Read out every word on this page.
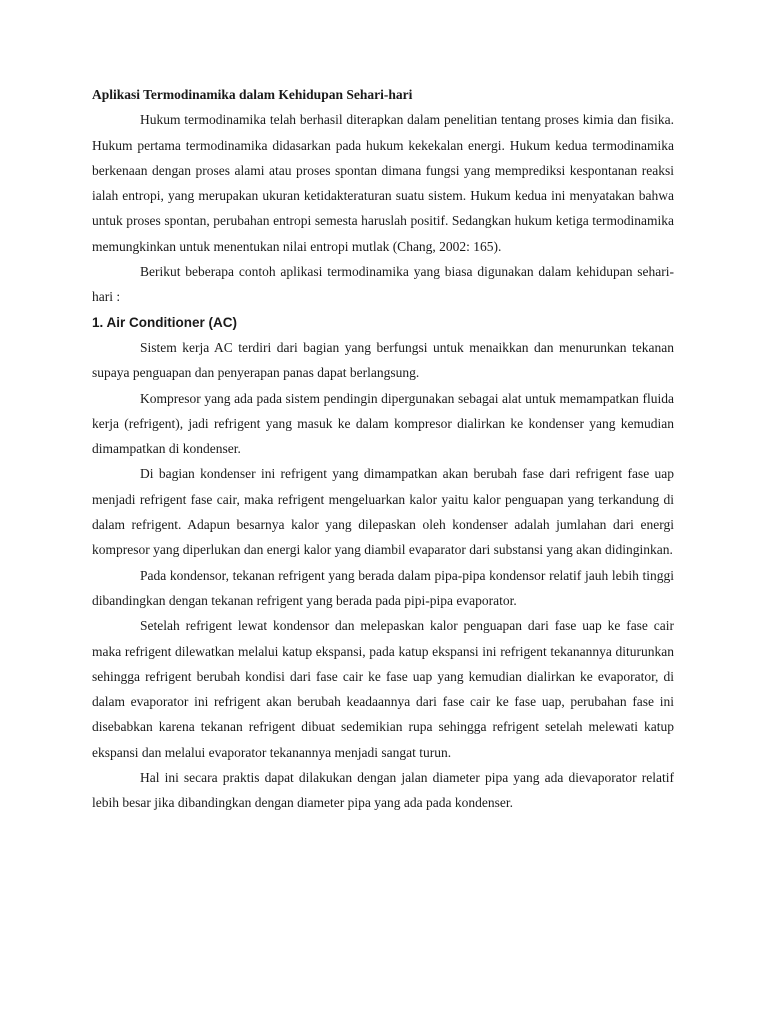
Aplikasi Termodinamika dalam Kehidupan Sehari-hari

Hukum termodinamika telah berhasil diterapkan dalam penelitian tentang proses kimia dan fisika. Hukum pertama termodinamika didasarkan pada hukum kekekalan energi. Hukum kedua termodinamika berkenaan dengan proses alami atau proses spontan dimana fungsi yang memprediksi kespontanan reaksi ialah entropi, yang merupakan ukuran ketidakteraturan suatu sistem. Hukum kedua ini menyatakan bahwa untuk proses spontan, perubahan entropi semesta haruslah positif. Sedangkan hukum ketiga termodinamika memungkinkan untuk menentukan nilai entropi mutlak (Chang, 2002: 165).

Berikut beberapa contoh aplikasi termodinamika yang biasa digunakan dalam kehidupan sehari-hari :

1. Air Conditioner (AC)

Sistem kerja AC terdiri dari bagian yang berfungsi untuk menaikkan dan menurunkan tekanan supaya penguapan dan penyerapan panas dapat berlangsung.

Kompresor yang ada pada sistem pendingin dipergunakan sebagai alat untuk memampatkan fluida kerja (refrigent), jadi refrigent yang masuk ke dalam kompresor dialirkan ke kondenser yang kemudian dimampatkan di kondenser.

Di bagian kondenser ini refrigent yang dimampatkan akan berubah fase dari refrigent fase uap menjadi refrigent fase cair, maka refrigent mengeluarkan kalor yaitu kalor penguapan yang terkandung di dalam refrigent. Adapun besarnya kalor yang dilepaskan oleh kondenser adalah jumlahan dari energi kompresor yang diperlukan dan energi kalor yang diambil evaparator dari substansi yang akan didinginkan.

Pada kondensor, tekanan refrigent yang berada dalam pipa-pipa kondensor relatif jauh lebih tinggi dibandingkan dengan tekanan refrigent yang berada pada pipi-pipa evaporator.

Setelah refrigent lewat kondensor dan melepaskan kalor penguapan dari fase uap ke fase cair maka refrigent dilewatkan melalui katup ekspansi, pada katup ekspansi ini refrigent tekanannya diturunkan sehingga refrigent berubah kondisi dari fase cair ke fase uap yang kemudian dialirkan ke evaporator, di dalam evaporator ini refrigent akan berubah keadaannya dari fase cair ke fase uap, perubahan fase ini disebabkan karena tekanan refrigent dibuat sedemikian rupa sehingga refrigent setelah melewati katup ekspansi dan melalui evaporator tekanannya menjadi sangat turun.

Hal ini secara praktis dapat dilakukan dengan jalan diameter pipa yang ada dievaporator relatif lebih besar jika dibandingkan dengan diameter pipa yang ada pada kondenser.
